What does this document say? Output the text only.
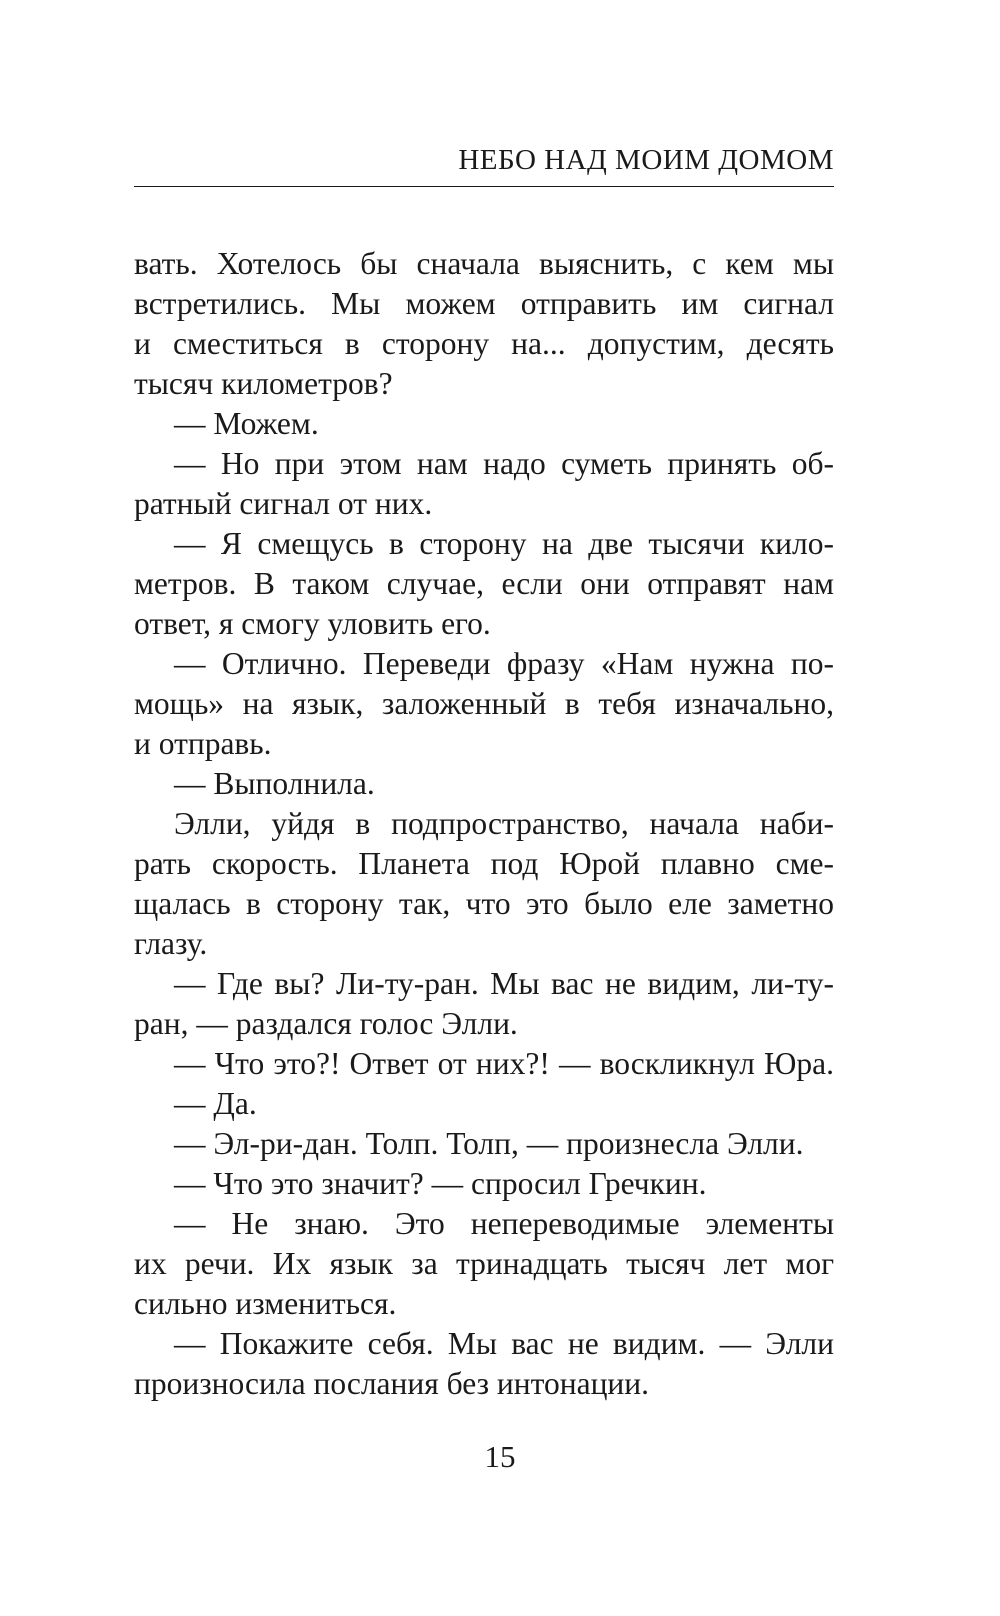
НЕБО НАД МОИМ ДОМОМ
вать. Хотелось бы сначала выяснить, с кем мы
встретились. Мы можем отправить им сигнал
и сместиться в сторону на... допустим, десять
тысяч километров?
— Можем.
— Но при этом нам надо суметь принять об-
ратный сигнал от них.
— Я смещусь в сторону на две тысячи кило-
метров. В таком случае, если они отправят нам
ответ, я смогу уловить его.
— Отлично. Переведи фразу «Нам нужна по-
мощь» на язык, заложенный в тебя изначально,
и отправь.
— Выполнила.
Элли, уйдя в подпространство, начала наби-
рать скорость. Планета под Юрой плавно сме-
щалась в сторону так, что это было еле заметно
глазу.
— Где вы? Ли-ту-ран. Мы вас не видим, ли-ту-
ран, — раздался голос Элли.
— Что это?! Ответ от них?! — воскликнул Юра.
— Да.
— Эл-ри-дан. Толп. Толп, — произнесла Элли.
— Что это значит? — спросил Гречкин.
— Не знаю. Это непереводимые элементы
их речи. Их язык за тринадцать тысяч лет мог
сильно измениться.
— Покажите себя. Мы вас не видим. — Элли
произносила послания без интонации.
15
